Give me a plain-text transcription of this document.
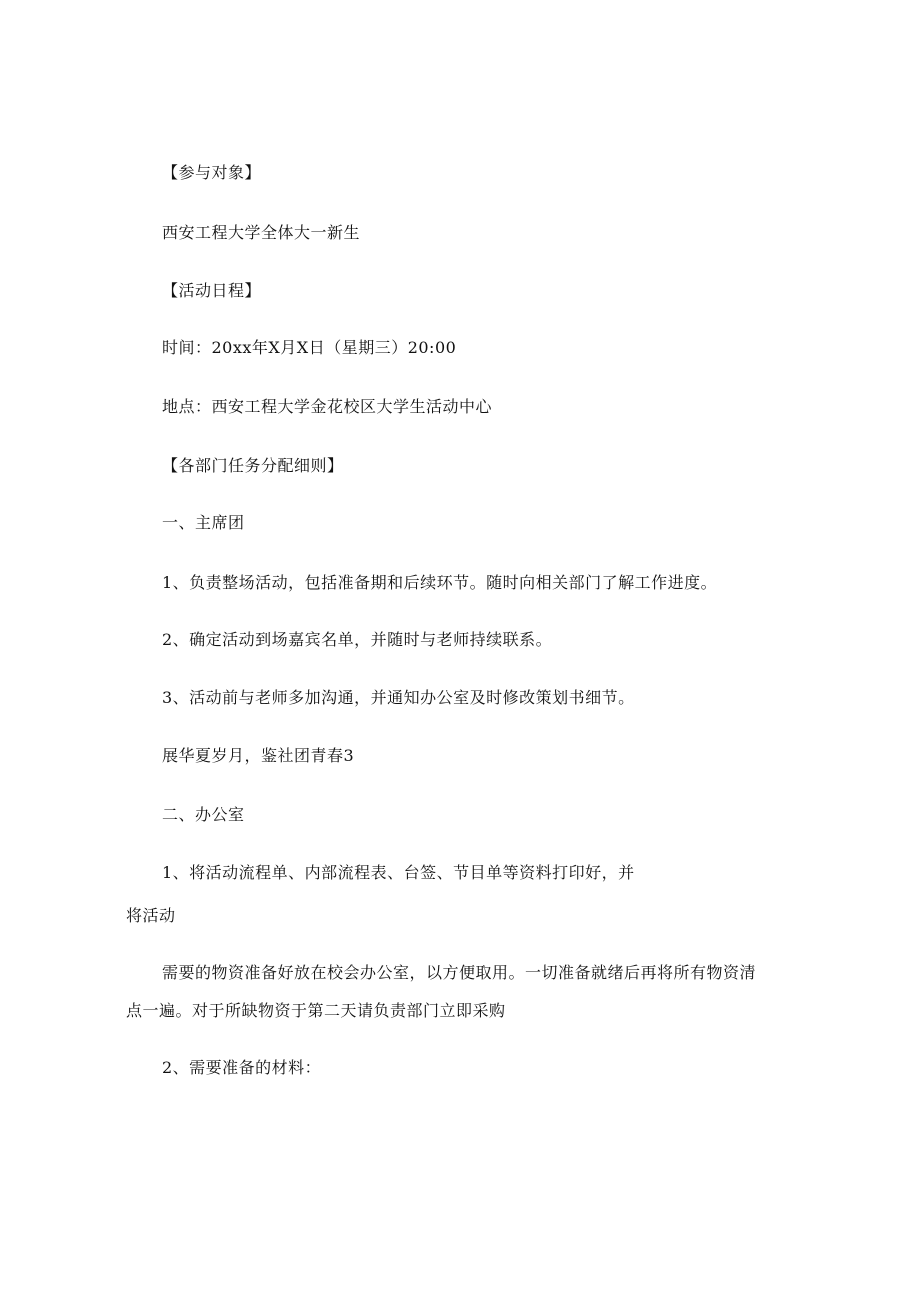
【参与对象】
西安工程大学全体大一新生
【活动日程】
时间：20xx年X月X日（星期三）20:00
地点：西安工程大学金花校区大学生活动中心
【各部门任务分配细则】
一、主席团
1、负责整场活动，包括准备期和后续环节。随时向相关部门了解工作进度。
2、确定活动到场嘉宾名单，并随时与老师持续联系。
3、活动前与老师多加沟通，并通知办公室及时修改策划书细节。
展华夏岁月，鉴社团青春3
二、办公室
1、将活动流程单、内部流程表、台签、节目单等资料打印好，并
将活动
需要的物资准备好放在校会办公室，以方便取用。一切准备就绪后再将所有物资清
点一遍。对于所缺物资于第二天请负责部门立即采购
2、需要准备的材料：
